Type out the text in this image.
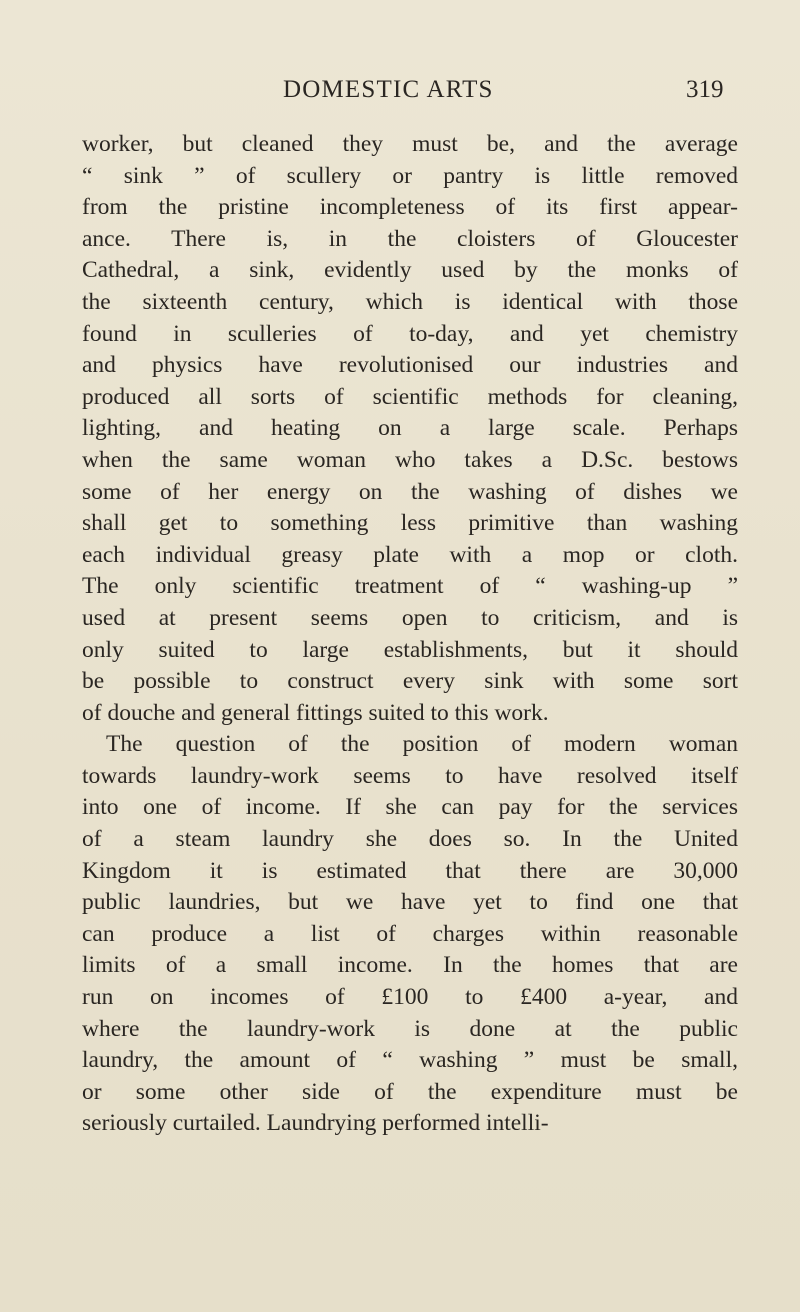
DOMESTIC ARTS	319
worker, but cleaned they must be, and the average
“ sink ” of scullery or pantry is little removed
from the pristine incompleteness of its first appear-
ance. There is, in the cloisters of Gloucester
Cathedral, a sink, evidently used by the monks of
the sixteenth century, which is identical with those
found in sculleries of to-day, and yet chemistry
and physics have revolutionised our industries and
produced all sorts of scientific methods for cleaning,
lighting, and heating on a large scale. Perhaps
when the same woman who takes a D.Sc. bestows
some of her energy on the washing of dishes we
shall get to something less primitive than washing
each individual greasy plate with a mop or cloth.
The only scientific treatment of “ washing-up ”
used at present seems open to criticism, and is
only suited to large establishments, but it should
be possible to construct every sink with some sort
of douche and general fittings suited to this work.
The question of the position of modern woman
towards laundry-work seems to have resolved itself
into one of income. If she can pay for the services
of a steam laundry she does so. In the United
Kingdom it is estimated that there are 30,000
public laundries, but we have yet to find one that
can produce a list of charges within reasonable
limits of a small income. In the homes that are
run on incomes of £100 to £400 a-year, and
where the laundry-work is done at the public
laundry, the amount of “ washing ” must be small,
or some other side of the expenditure must be
seriously curtailed. Laundrying performed intelli-
